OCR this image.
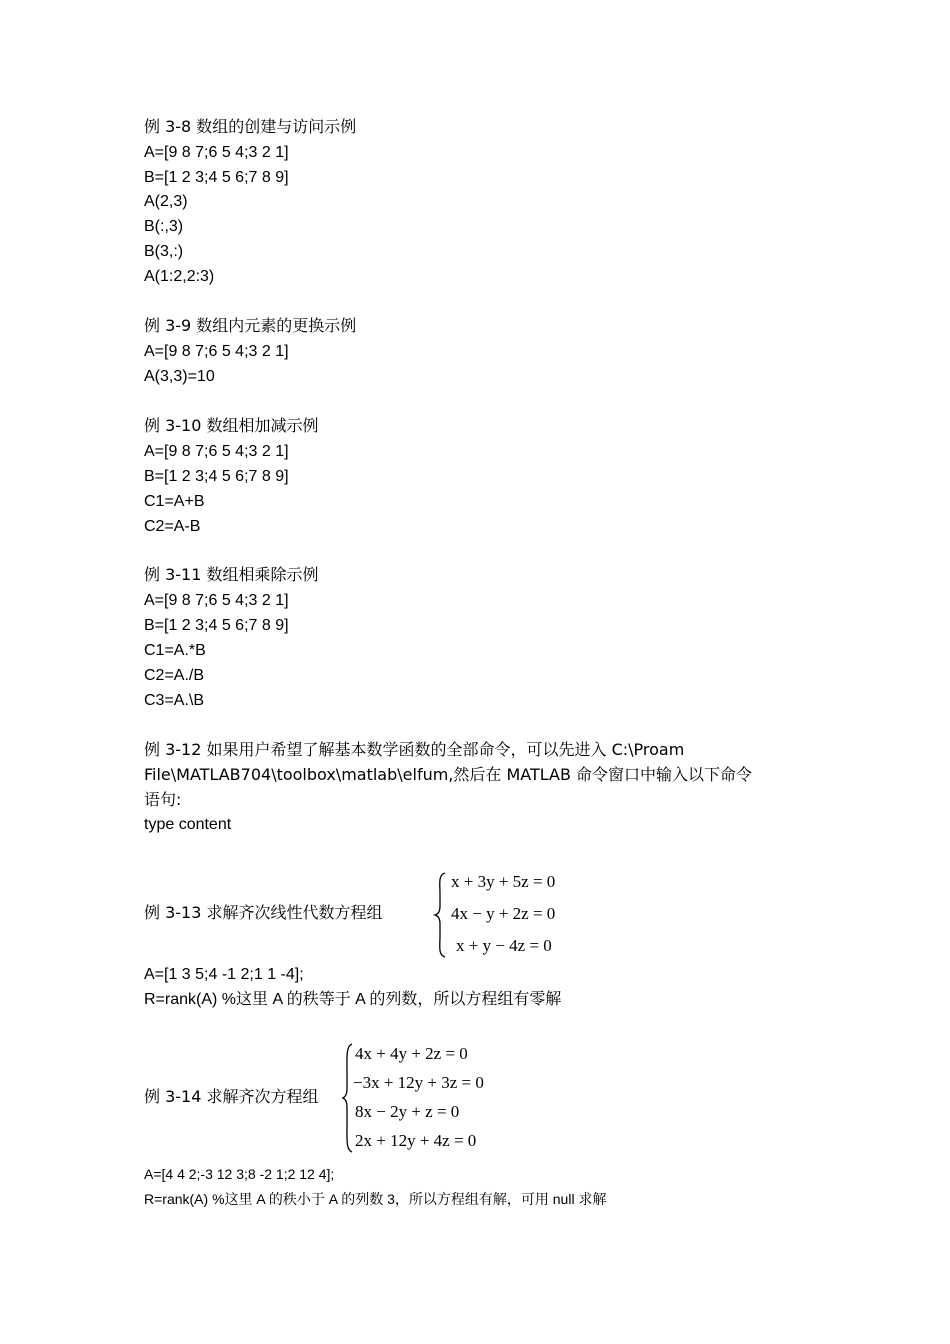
例 3-8 数组的创建与访问示例
A=[9 8 7;6 5 4;3 2 1]
B=[1 2 3;4 5 6;7 8 9]
A(2,3)
B(:,3)
B(3,:)
A(1:2,2:3)
例 3-9 数组内元素的更换示例
A=[9 8 7;6 5 4;3 2 1]
A(3,3)=10
例 3-10 数组相加减示例
A=[9 8 7;6 5 4;3 2 1]
B=[1 2 3;4 5 6;7 8 9]
C1=A+B
C2=A-B
例 3-11 数组相乘除示例
A=[9 8 7;6 5 4;3 2 1]
B=[1 2 3;4 5 6;7 8 9]
C1=A.*B
C2=A./B
C3=A.\B
例 3-12 如果用户希望了解基本数学函数的全部命令，可以先进入 C:\Proam
File\MATLAB704\toolbox\matlab\elfum,然后在 MATLAB 命令窗口中输入以下命令
语句:
type content
例 3-13 求解齐次线性代数方程组
x + 3y + 5z = 0
4x − y + 2z = 0
x + y − 4z = 0
A=[1 3 5;4 -1 2;1 1 -4];
R=rank(A) %这里 A 的秩等于 A 的列数，所以方程组有零解
例 3-14 求解齐次方程组
4x + 4y + 2z = 0
−3x + 12y + 3z = 0
8x − 2y + z = 0
2x + 12y + 4z = 0
A=[4 4 2;-3 12 3;8 -2 1;2 12 4];
R=rank(A) %这里 A 的秩小于 A 的列数 3，所以方程组有解，可用 null 求解
